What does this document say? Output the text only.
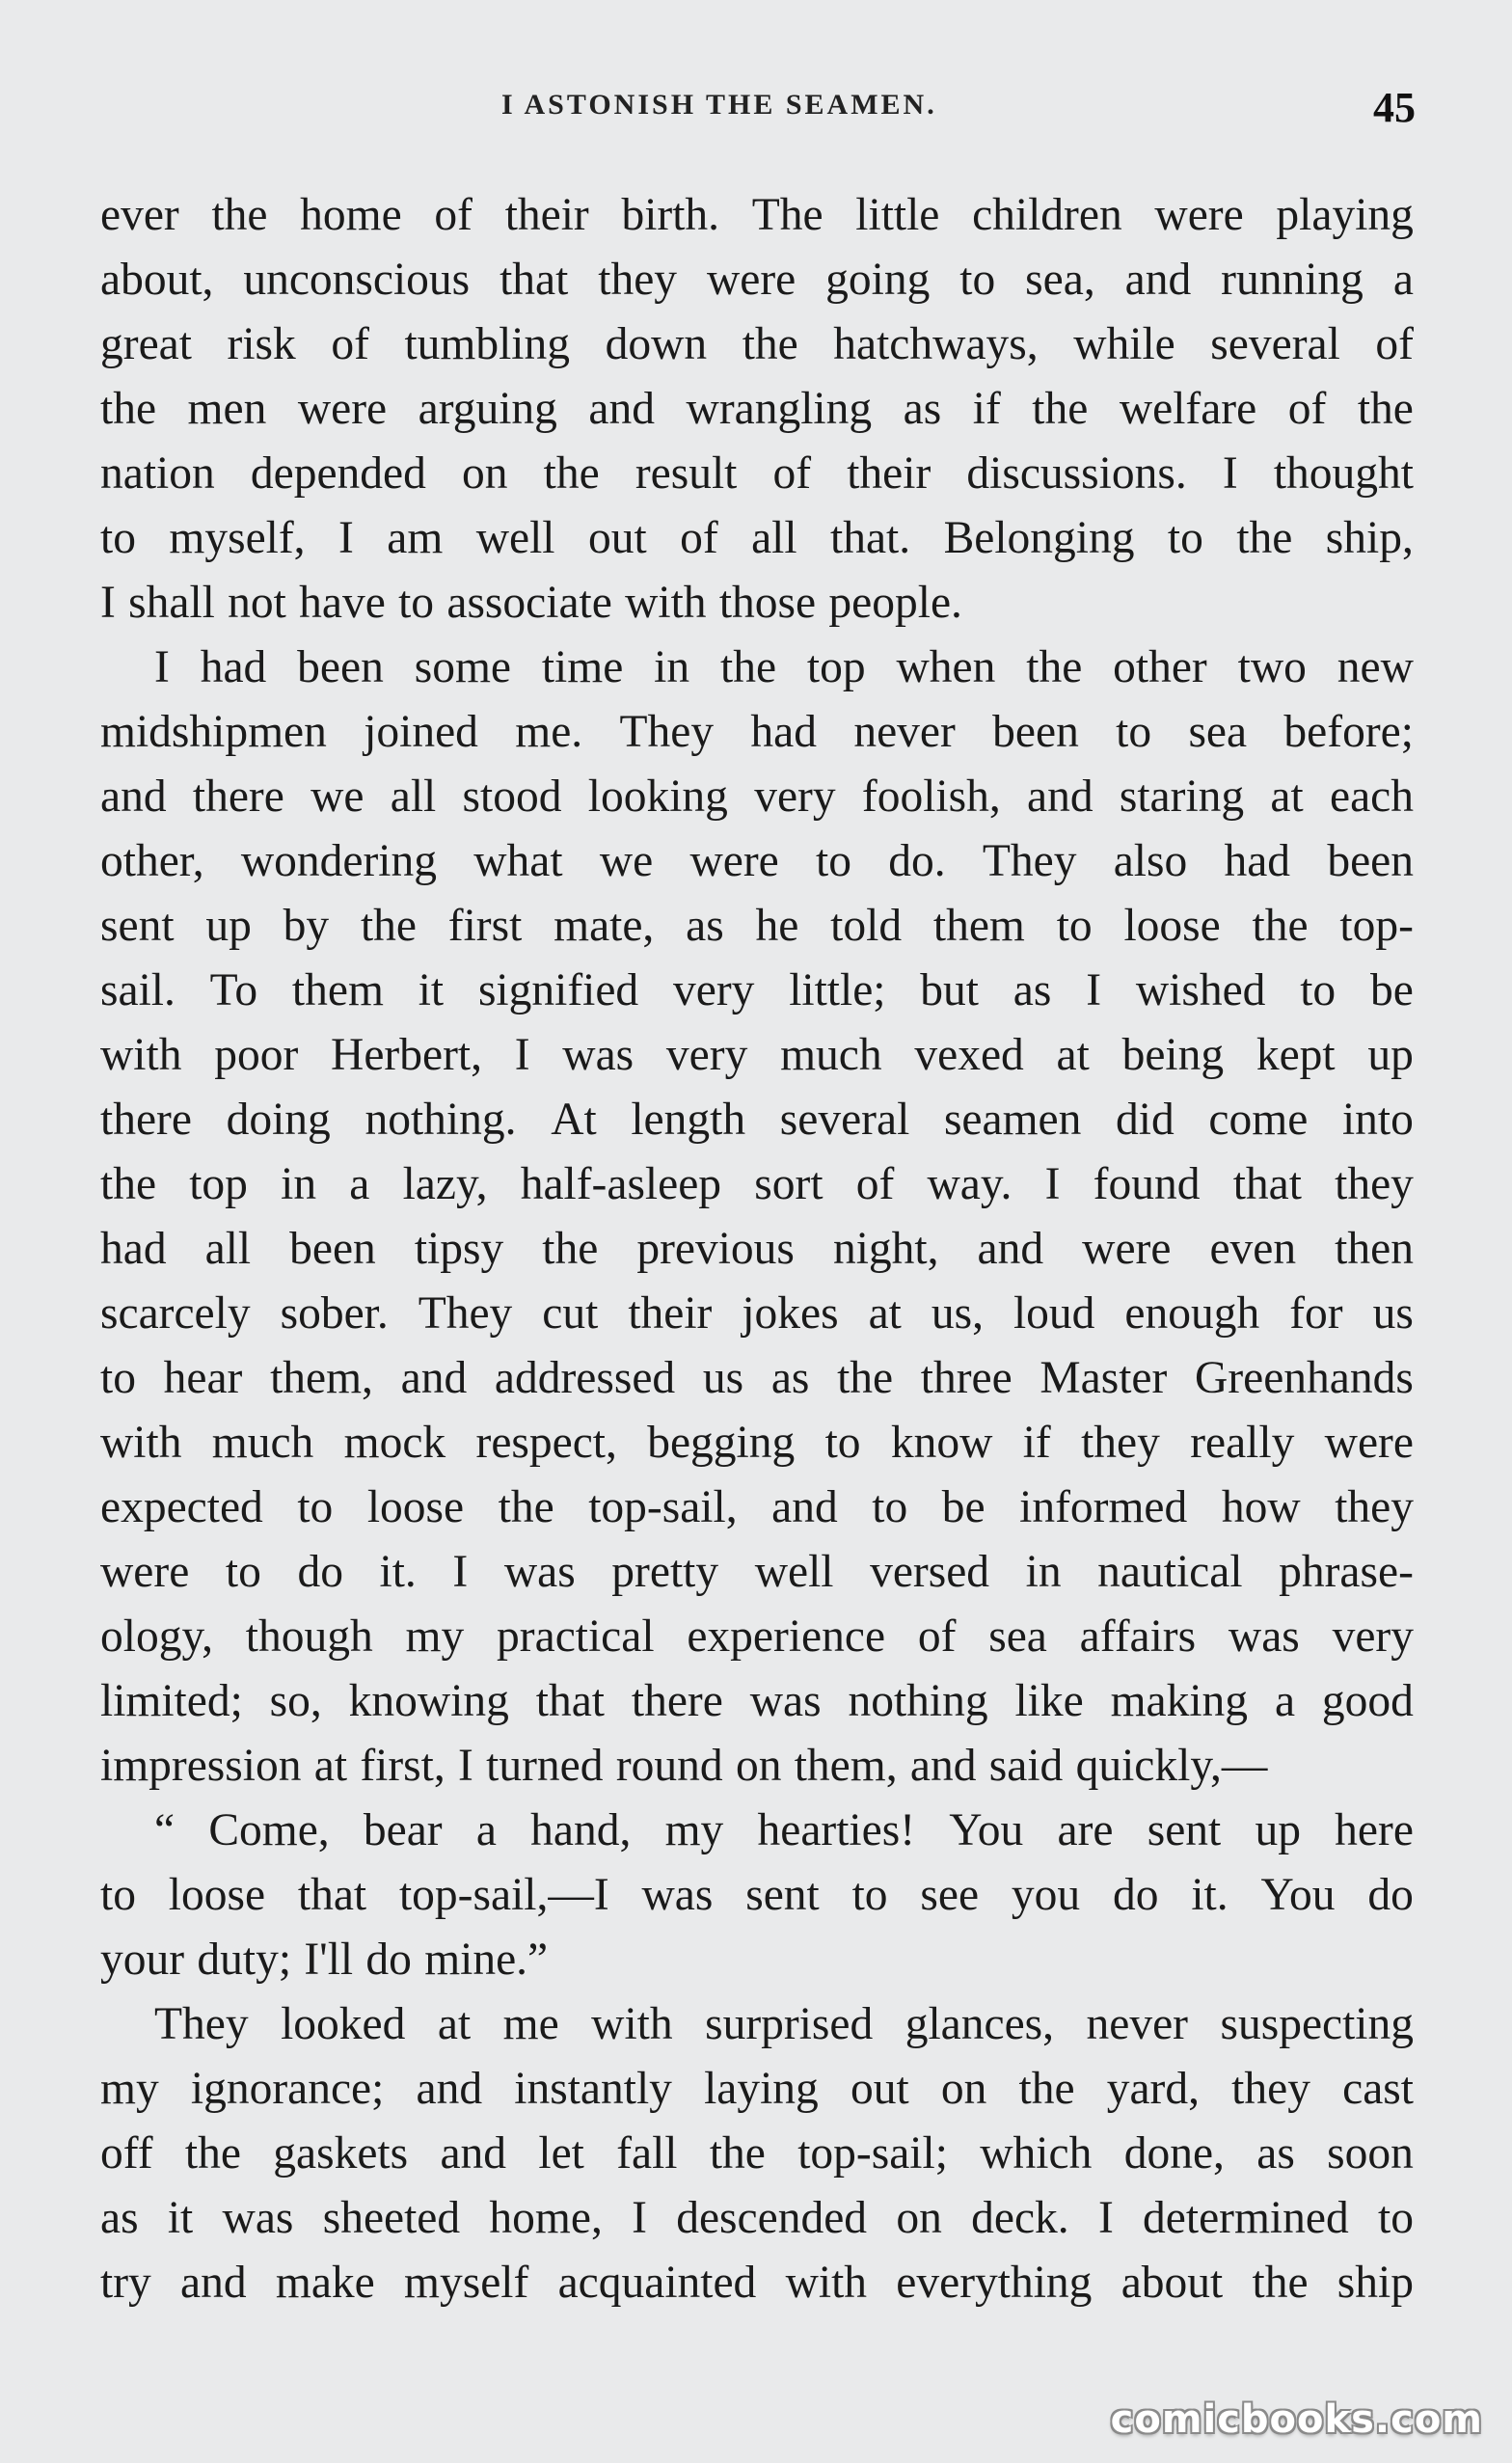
I ASTONISH THE SEAMEN.	45
ever the home of their birth. The little children were playing
about, unconscious that they were going to sea, and running a
great risk of tumbling down the hatchways, while several of
the men were arguing and wrangling as if the welfare of the
nation depended on the result of their discussions. I thought
to myself, I am well out of all that. Belonging to the ship,
I shall not have to associate with those people.
I had been some time in the top when the other two new
midshipmen joined me. They had never been to sea before;
and there we all stood looking very foolish, and staring at each
other, wondering what we were to do. They also had been
sent up by the first mate, as he told them to loose the top-
sail. To them it signified very little; but as I wished to be
with poor Herbert, I was very much vexed at being kept up
there doing nothing. At length several seamen did come into
the top in a lazy, half-asleep sort of way. I found that they
had all been tipsy the previous night, and were even then
scarcely sober. They cut their jokes at us, loud enough for us
to hear them, and addressed us as the three Master Greenhands
with much mock respect, begging to know if they really were
expected to loose the top-sail, and to be informed how they
were to do it. I was pretty well versed in nautical phrase-
ology, though my practical experience of sea affairs was very
limited; so, knowing that there was nothing like making a good
impression at first, I turned round on them, and said quickly,—
“ Come, bear a hand, my hearties! You are sent up here
to loose that top-sail,—I was sent to see you do it. You do
your duty; I'll do mine.”
They looked at me with surprised glances, never suspecting
my ignorance; and instantly laying out on the yard, they cast
off the gaskets and let fall the top-sail; which done, as soon
as it was sheeted home, I descended on deck. I determined to
try and make myself acquainted with everything about the ship
comicbooks.com
